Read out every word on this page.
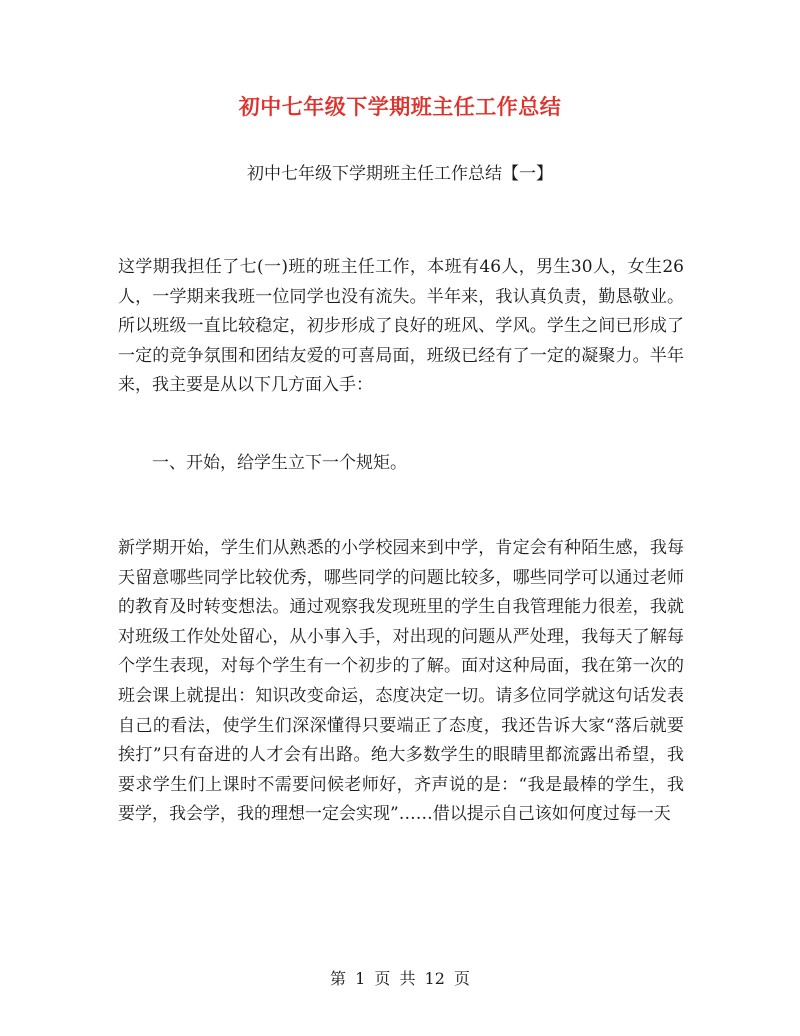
初中七年级下学期班主任工作总结
初中七年级下学期班主任工作总结【一】

这学期我担任了七(一)班的班主任工作，本班有46人，男生30人，女生26人，一学期来我班一位同学也没有流失。半年来，我认真负责，勤恳敬业。所以班级一直比较稳定，初步形成了良好的班风、学风。学生之间已形成了一定的竞争氛围和团结友爱的可喜局面，班级已经有了一定的凝聚力。半年来，我主要是从以下几方面入手：

一、开始，给学生立下一个规矩。

新学期开始，学生们从熟悉的小学校园来到中学，肯定会有种陌生感，我每天留意哪些同学比较优秀，哪些同学的问题比较多，哪些同学可以通过老师的教育及时转变想法。通过观察我发现班里的学生自我管理能力很差，我就对班级工作处处留心，从小事入手，对出现的问题从严处理，我每天了解每个学生表现，对每个学生有一个初步的了解。面对这种局面，我在第一次的班会课上就提出：知识改变命运，态度决定一切。请多位同学就这句话发表自己的看法，使学生们深深懂得只要端正了态度，我还告诉大家“落后就要挨打”只有奋进的人才会有出路。绝大多数学生的眼睛里都流露出希望，我要求学生们上课时不需要问候老师好，齐声说的是：“我是最棒的学生，我要学，我会学，我的理想一定会实现”……借以提示自己该如何度过每一天

第 1 页 共 12 页
